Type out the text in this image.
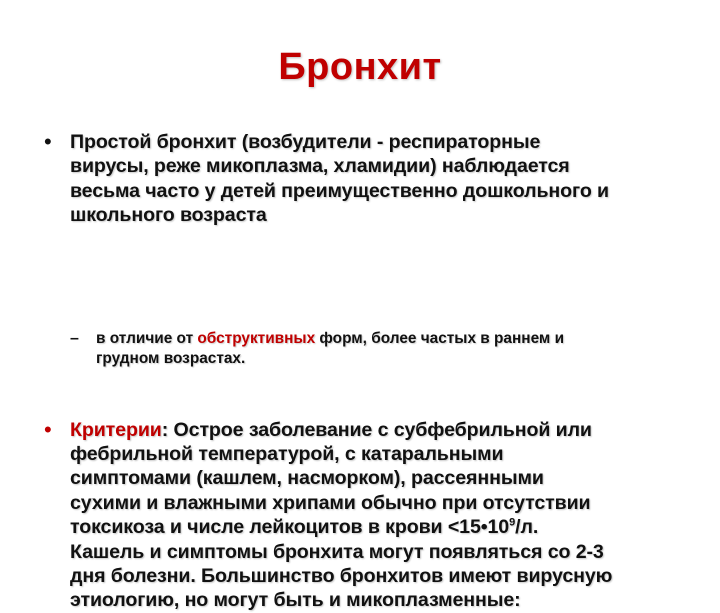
Бронхит
• Простой бронхит (возбудители - респираторные
вирусы, реже микоплазма, хламидии) наблюдается
весьма часто у детей преимущественно дошкольного и
школьного возраста
– в отличие от обструктивных форм, более частых в раннем и
грудном возрастах.
• Критерии: Острое заболевание с субфебрильной или
фебрильной температурой, с катаральными
симптомами (кашлем, насморком), рассеянными
сухими и влажными хрипами обычно при отсутствии
токсикоза и числе лейкоцитов в крови $<15•10^9/л$.
Кашель и симптомы бронхита могут появляться со 2-3
дня болезни. Большинство бронхитов имеют вирусную
этиологию, но могут быть и микоплазменные:
